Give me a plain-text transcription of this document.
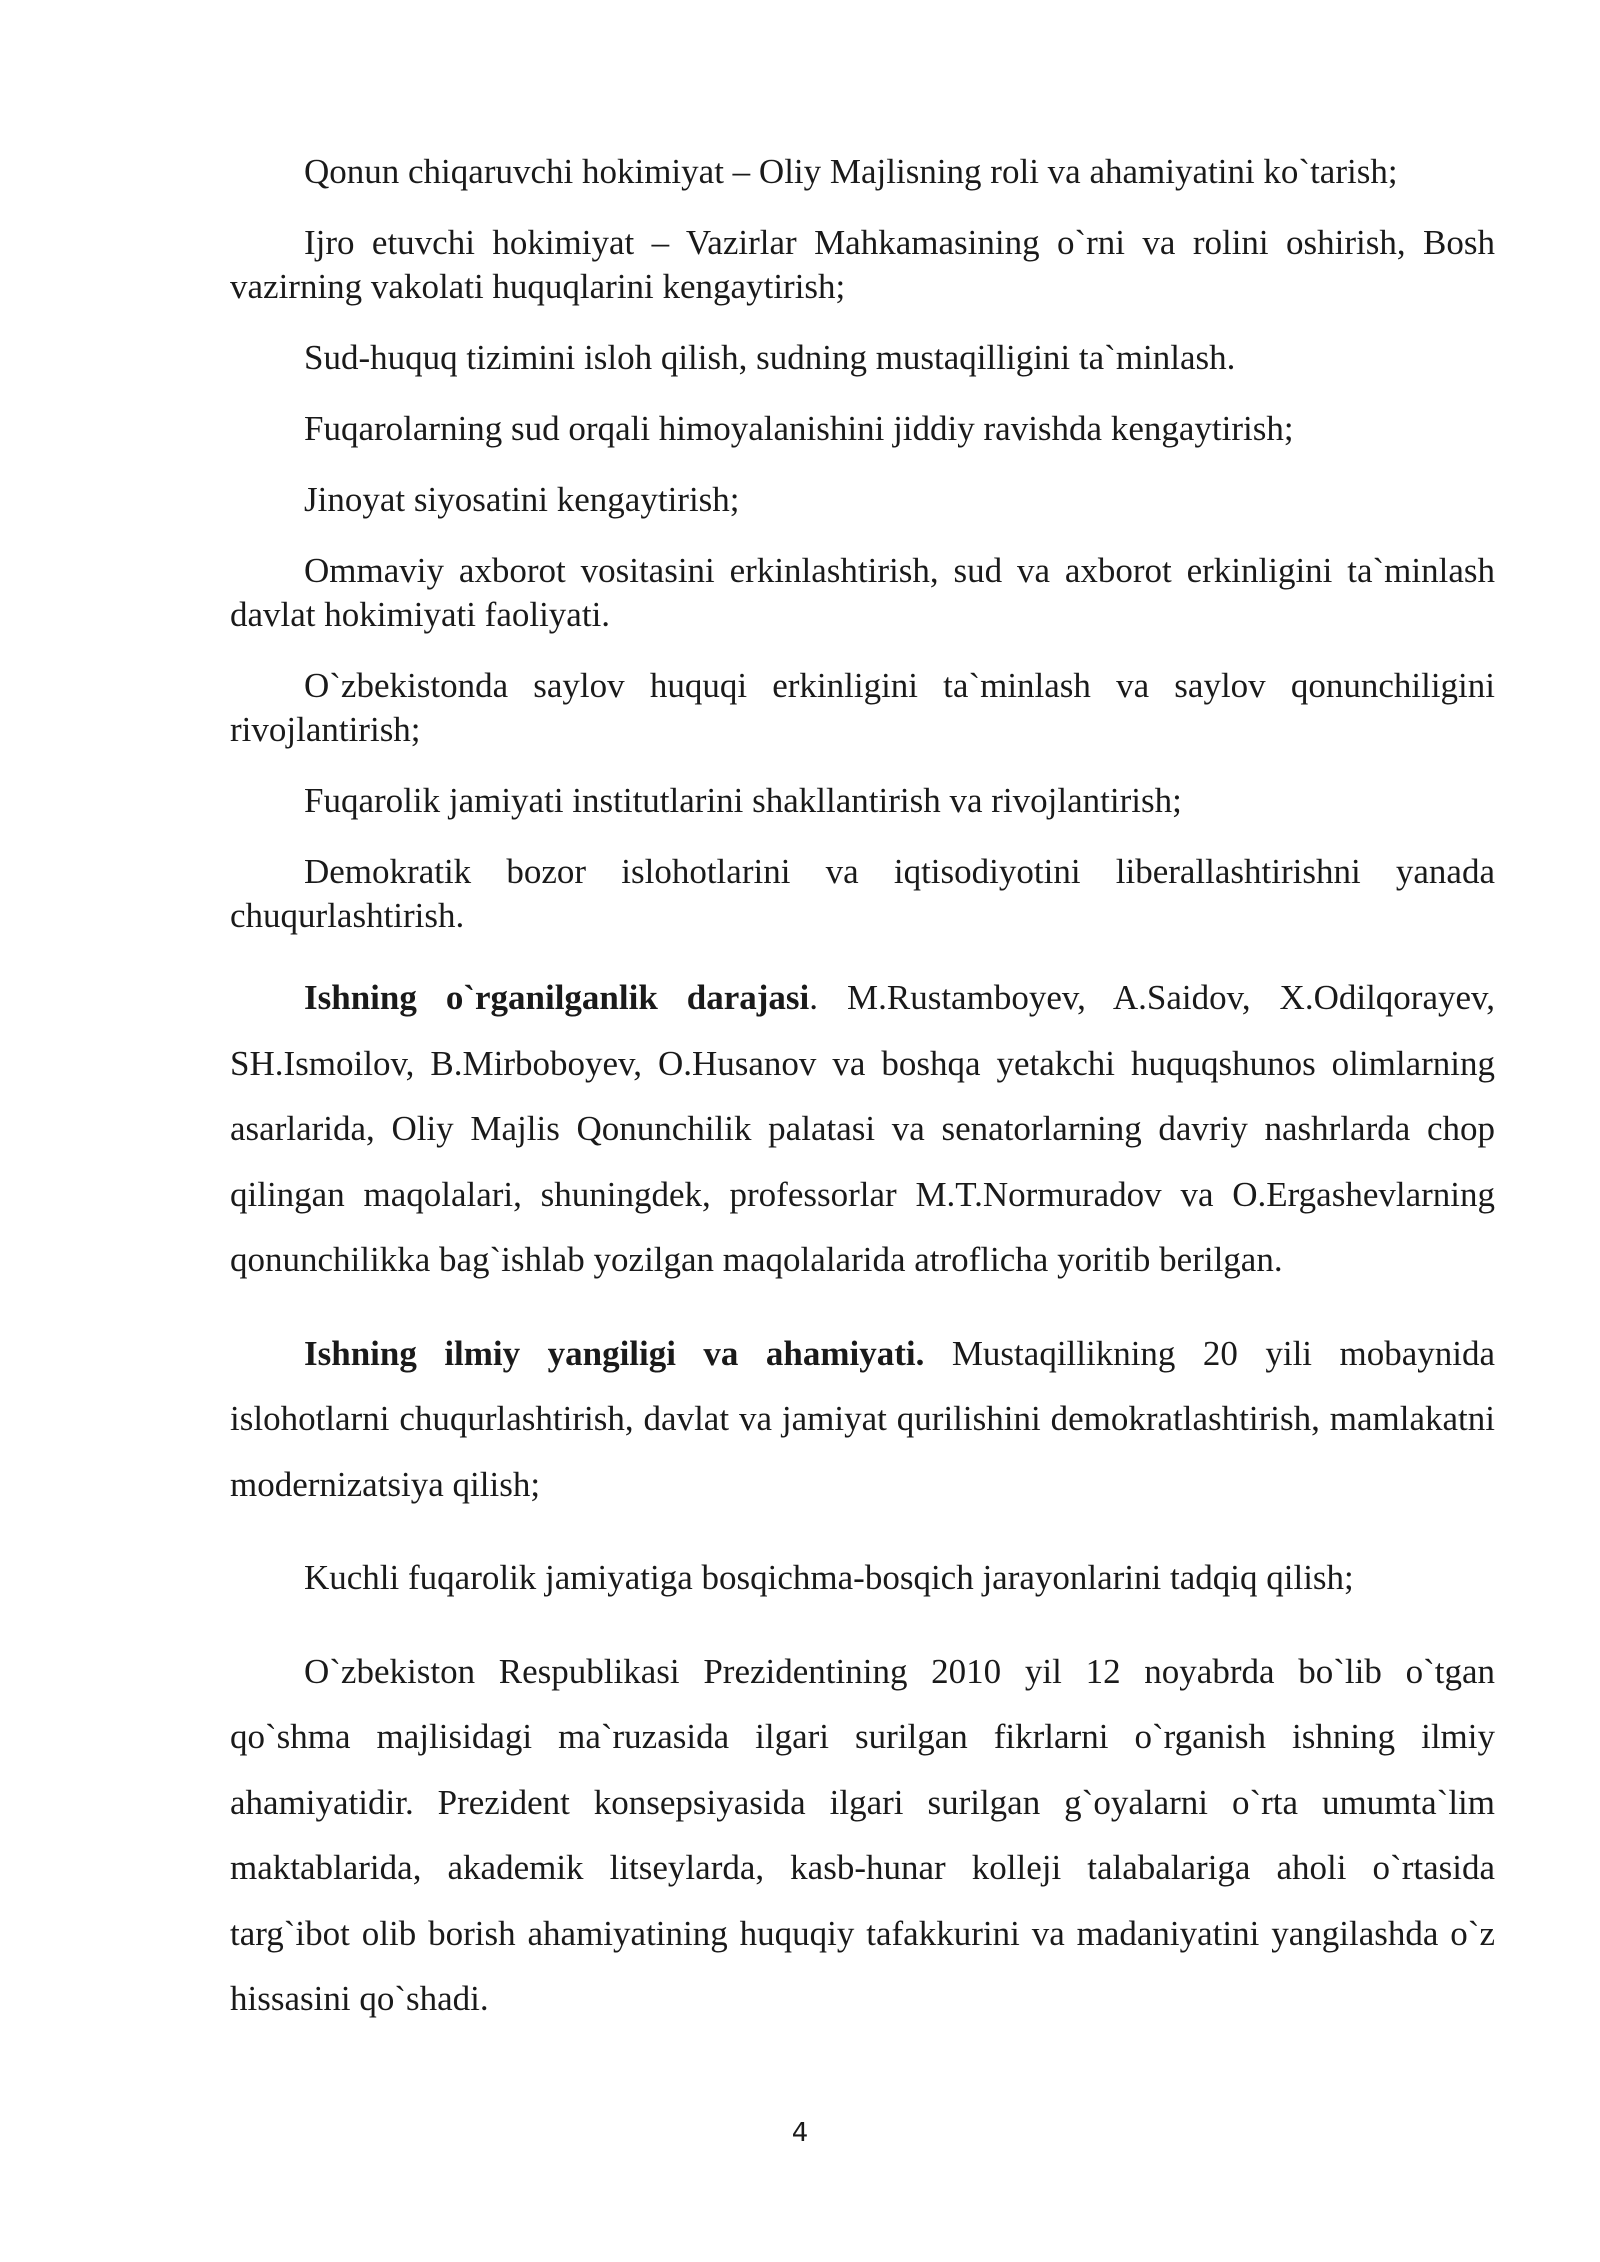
Qonun chiqaruvchi hokimiyat – Oliy Majlisning roli va ahamiyatini ko`tarish;

Ijro etuvchi hokimiyat – Vazirlar Mahkamasining o`rni va rolini oshirish, Bosh vazirning vakolati huquqlarini kengaytirish;

Sud-huquq tizimini isloh qilish, sudning mustaqilligini ta`minlash.

Fuqarolarning sud orqali himoyalanishini jiddiy ravishda kengaytirish;

Jinoyat siyosatini kengaytirish;

Ommaviy axborot vositasini erkinlashtirish, sud va axborot erkinligini ta`minlash davlat hokimiyati faoliyati.

O`zbekistonda saylov huquqi erkinligini ta`minlash va saylov qonunchiligini rivojlantirish;

Fuqarolik jamiyati institutlarini shakllantirish va rivojlantirish;

Demokratik bozor islohotlarini va iqtisodiyotini liberallashtirishni yanada chuqurlashtirish.

Ishning o`rganilganlik darajasi. M.Rustamboyev, A.Saidov, X.Odilqorayev, SH.Ismoilov, B.Mirboboyev, O.Husanov va boshqa yetakchi huquqshunos olimlarning asarlarida, Oliy Majlis Qonunchilik palatasi va senatorlarning davriy nashrlarda chop qilingan maqolalari, shuningdek, professorlar M.T.Normuradov va O.Ergashevlarning qonunchilikka bag`ishlab yozilgan maqolalarida atroflicha yoritib berilgan.

Ishning ilmiy yangiligi va ahamiyati. Mustaqillikning 20 yili mobaynida islohotlarni chuqurlashtirish, davlat va jamiyat qurilishini demokratlashtirish, mamlakatni modernizatsiya qilish;

Kuchli fuqarolik jamiyatiga bosqichma-bosqich jarayonlarini tadqiq qilish;

O`zbekiston Respublikasi Prezidentining 2010 yil 12 noyabrda bo`lib o`tgan qo`shma majlisidagi ma`ruzasida ilgari surilgan fikrlarni o`rganish ishning ilmiy ahamiyatidir. Prezident konsepsiyasida ilgari surilgan g`oyalarni o`rta umumta`lim maktablarida, akademik litseylarda, kasb-hunar kolleji talabalariga aholi o`rtasida targ`ibot olib borish ahamiyatining huquqiy tafakkurini va madaniyatini yangilashda o`z hissasini qo`shadi.

4
